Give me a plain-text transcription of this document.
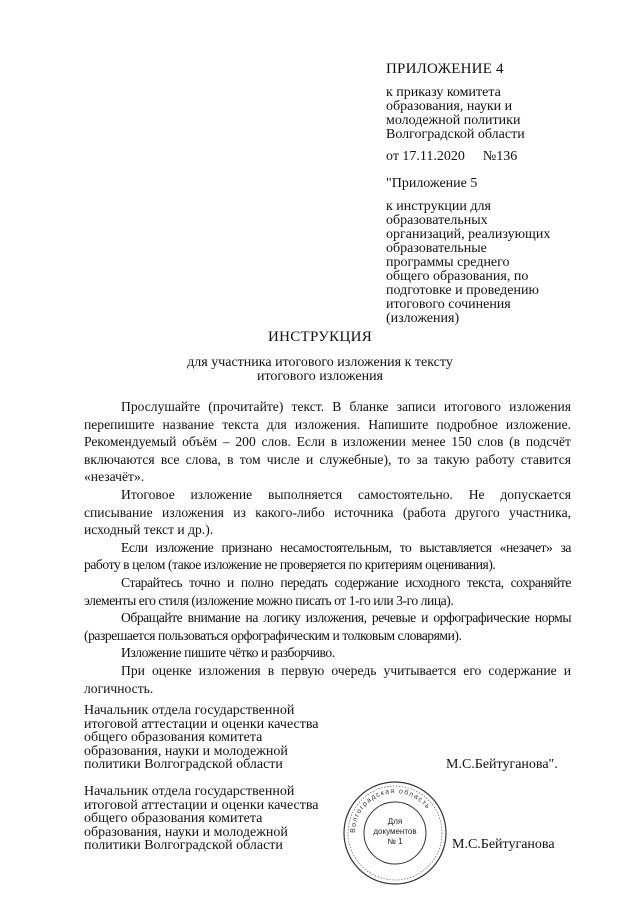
ПРИЛОЖЕНИЕ 4
к приказу комитета
образования, науки и
молодежной политики
Волгоградской области
от 17.11.2020 №136
"Приложение 5
к инструкции для
образовательных
организаций, реализующих
образовательные
программы среднего
общего образования, по
подготовке и проведению
итогового сочинения
(изложения)
ИНСТРУКЦИЯ
для участника итогового изложения к тексту
итогового изложения

Прослушайте (прочитайте) текст. В бланке записи итогового изложения перепишите название текста для изложения. Напишите подробное изложение. Рекомендуемый объём – 200 слов. Если в изложении менее 150 слов (в подсчёт включаются все слова, в том числе и служебные), то за такую работу ставится «незачёт».

Итоговое изложение выполняется самостоятельно. Не допускается списывание изложения из какого-либо источника (работа другого участника, исходный текст и др.).

Если изложение признано несамостоятельным, то выставляется «незачет» за работу в целом (такое изложение не проверяется по критериям оценивания).

Старайтесь точно и полно передать содержание исходного текста, сохраняйте элементы его стиля (изложение можно писать от 1-го или 3-го лица).

Обращайте внимание на логику изложения, речевые и орфографические нормы (разрешается пользоваться орфографическим и толковым словарями).

Изложение пишите чётко и разборчиво.

При оценке изложения в первую очередь учитывается его содержание и логичность.

Начальник отдела государственной
итоговой аттестации и оценки качества
общего образования комитета
образования, науки и молодежной
политики Волгоградской области	М.С.Бейтуганова".
Начальник отдела государственной
итоговой аттестации и оценки качества
общего образования комитета
образования, науки и молодежной
политики Волгоградской области	М.С.Бейтуганова
Волгоградская область
Для
документов
№ 1
